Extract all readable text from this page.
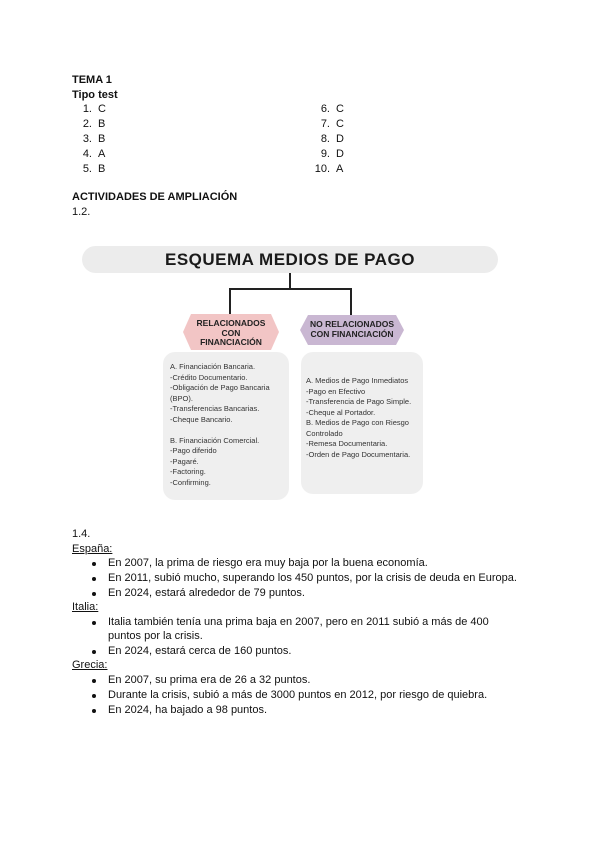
TEMA 1
Tipo test
1. C
2. B
3. B
4. A
5. B
6. C
7. C
8. D
9. D
10. A
ACTIVIDADES DE AMPLIACIÓN
1.2.
ESQUEMA MEDIOS DE PAGO
RELACIONADOS
CON
FINANCIACIÓN
NO RELACIONADOS
CON FINANCIACIÓN
A. Financiación Bancaria.
-Crédito Documentario.
-Obligación de Pago Bancaria
(BPO).
-Transferencias Bancarias.
-Cheque Bancario.
B. Financiación Comercial.
-Pago diferido
-Pagaré.
-Factoring.
-Confirming.
A. Medios de Pago Inmediatos
-Pago en Efectivo
-Transferencia de Pago Simple.
-Cheque al Portador.
B. Medios de Pago con Riesgo
Controlado
-Remesa Documentaria.
-Orden de Pago Documentaria.
1.4.
España:
En 2007, la prima de riesgo era muy baja por la buena economía.
En 2011, subió mucho, superando los 450 puntos, por la crisis de deuda en Europa.
En 2024, estará alrededor de 79 puntos.
Italia:
Italia también tenía una prima baja en 2007, pero en 2011 subió a más de 400
puntos por la crisis.
En 2024, estará cerca de 160 puntos.
Grecia:
En 2007, su prima era de 26 a 32 puntos.
Durante la crisis, subió a más de 3000 puntos en 2012, por riesgo de quiebra.
En 2024, ha bajado a 98 puntos.
